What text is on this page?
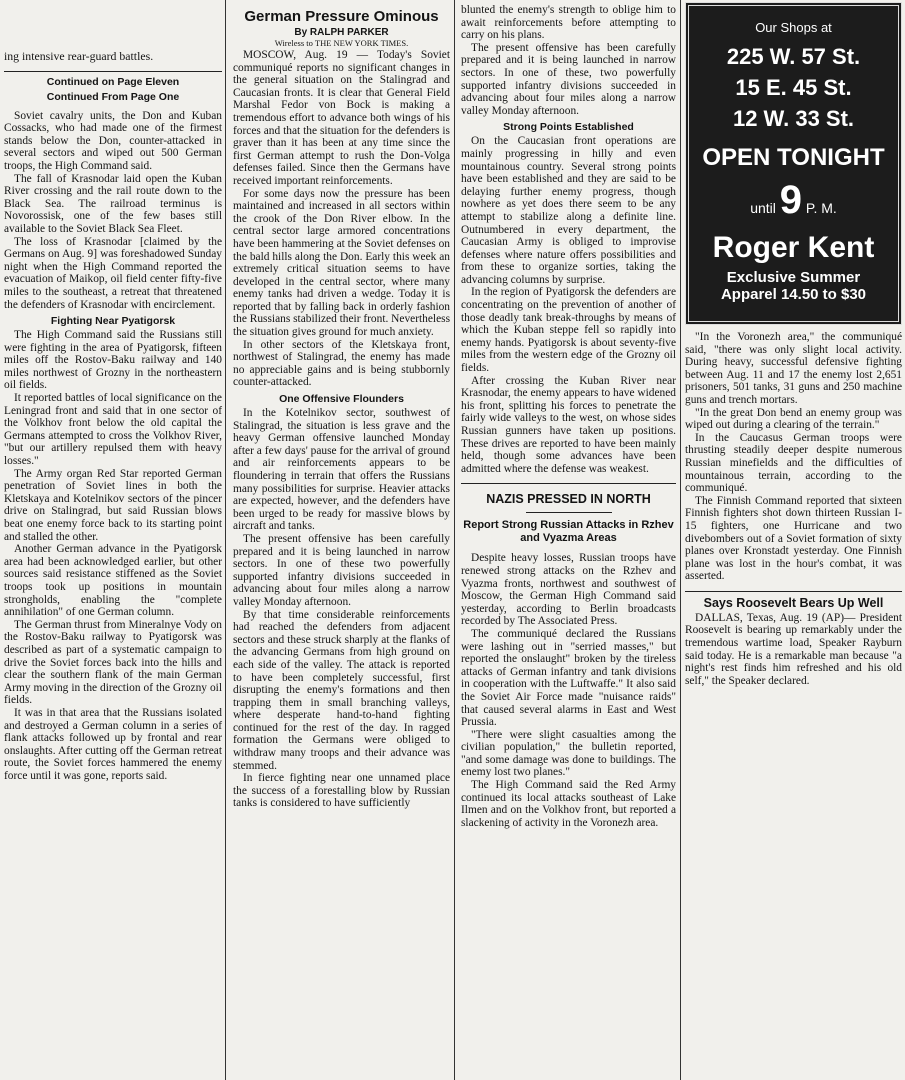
ing intensive rear-guard battles.

Continued on Page Eleven
Continued From Page One

Soviet cavalry units, the Don and Kuban Cossacks, who had made one of the firmest stands below the Don, counter-attacked in several sectors and wiped out 500 German troops, the High Command said.

The fall of Krasnodar laid open the Kuban River crossing and the rail route down to the Black Sea. The railroad terminus is Novorossisk, one of the few bases still available to the Soviet Black Sea Fleet.

The loss of Krasnodar [claimed by the Germans on Aug. 9] was foreshadowed Sunday night when the High Command reported the evacuation of Maikop, oil field center fifty-five miles to the southeast, a retreat that threatened the defenders of Krasnodar with encirclement.

Fighting Near Pyatigorsk

The High Command said the Russians still were fighting in the area of Pyatigorsk, fifteen miles off the Rostov-Baku railway and 140 miles northwest of Grozny in the northeastern oil fields.

It reported battles of local significance on the Leningrad front and said that in one sector of the Volkhov front below the old capital the Germans attempted to cross the Volkhov River, "but our artillery repulsed them with heavy losses."

The Army organ Red Star reported German penetration of Soviet lines in both the Kletskaya and Kotelnikov sectors of the pincer drive on Stalingrad, but said Russian blows beat one enemy force back to its starting point and stalled the other.

Another German advance in the Pyatigorsk area had been acknowledged earlier, but other sources said resistance stiffened as the Soviet troops took up positions in mountain strongholds, enabling the "complete annihilation" of one German column.

The German thrust from Mineralnye Vody on the Rostov-Baku railway to Pyatigorsk was described as part of a systematic campaign to drive the Soviet forces back into the hills and clear the southern flank of the main German Army moving in the direction of the Grozny oil fields.

It was in that area that the Russians isolated and destroyed a German column in a series of flank attacks followed up by frontal and rear onslaughts. After cutting off the German retreat route, the Soviet forces hammered the enemy force until it was gone, reports said.

German Pressure Ominous
By RALPH PARKER
Wireless to THE NEW YORK TIMES.

MOSCOW, Aug. 19 — Today's Soviet communiqué reports no significant changes in the general situation on the Stalingrad and Caucasian fronts. It is clear that General Field Marshal Fedor von Bock is making a tremendous effort to advance both wings of his forces and that the situation for the defenders is graver than it has been at any time since the first German attempt to rush the Don-Volga defenses failed. Since then the Germans have received important reinforcements.

For some days now the pressure has been maintained and increased in all sectors within the crook of the Don River elbow. In the central sector large armored concentrations have been hammering at the Soviet defenses on the bald hills along the Don. Early this week an extremely critical situation seems to have developed in the central sector, where many enemy tanks had driven a wedge. Today it is reported that by falling back in orderly fashion the Russians stabilized their front. Nevertheless the situation gives ground for much anxiety.

In other sectors of the Kletskaya front, northwest of Stalingrad, the enemy has made no appreciable gains and is being stubbornly counter-attacked.

One Offensive Flounders

In the Kotelnikov sector, southwest of Stalingrad, the situation is less grave and the heavy German offensive launched Monday after a few days' pause for the arrival of ground and air reinforcements appears to be floundering in terrain that offers the Russians many possibilities for surprise. Heavier attacks are expected, however, and the defenders have been urged to be ready for massive blows by aircraft and tanks.

The present offensive has been carefully prepared and it is being launched in narrow sectors. In one of these two powerfully supported infantry divisions succeeded in advancing about four miles along a narrow valley Monday afternoon.

By that time considerable reinforcements had reached the defenders from adjacent sectors and these struck sharply at the flanks of the advancing Germans from high ground on each side of the valley. The attack is reported to have been completely successful, first disrupting the enemy's formations and then trapping them in small branching valleys, where desperate hand-to-hand fighting continued for the rest of the day. In ragged formation the Germans were obliged to withdraw many troops and their advance was stemmed.

In fierce fighting near one unnamed place the success of a forestalling blow by Russian tanks is considered to have sufficiently

blunted the enemy's strength to oblige him to await reinforcements before attempting to carry on his plans.

The present offensive has been carefully prepared and it is being launched in narrow sectors. In one of these, two powerfully supported infantry divisions succeeded in advancing about four miles along a narrow valley Monday afternoon.

Strong Points Established

On the Caucasian front operations are mainly progressing in hilly and even mountainous country. Several strong points have been established and they are said to be delaying further enemy progress, though nowhere as yet does there seem to be any attempt to stabilize along a definite line. Outnumbered in every department, the Caucasian Army is obliged to improvise defenses where nature offers possibilities and from these to organize sorties, taking the advancing columns by surprise.

In the region of Pyatigorsk the defenders are concentrating on the prevention of another of those deadly tank break-throughs by means of which the Kuban steppe fell so rapidly into enemy hands. Pyatigorsk is about seventy-five miles from the western edge of the Grozny oil fields.

After crossing the Kuban River near Krasnodar, the enemy appears to have widened his front, splitting his forces to penetrate the fairly wide valleys to the west, on whose sides Russian gunners have taken up positions. These drives are reported to have been mainly held, though some advances have been admitted where the defense was weakest.

NAZIS PRESSED IN NORTH
Report Strong Russian Attacks in Rzhev and Vyazma Areas

Despite heavy losses, Russian troops have renewed strong attacks on the Rzhev and Vyazma fronts, northwest and southwest of Moscow, the German High Command said yesterday, according to Berlin broadcasts recorded by The Associated Press.

The communiqué declared the Russians were lashing out in "serried masses," but reported the onslaught" broken by the tireless attacks of German infantry and tank divisions in cooperation with the Luftwaffe." It also said the Soviet Air Force made "nuisance raids" that caused several alarms in East and West Prussia.

"There were slight casualties among the civilian population," the bulletin reported, "and some damage was done to buildings. The enemy lost two planes."

The High Command said the Red Army continued its local attacks southeast of Lake Ilmen and on the Volkhov front, but reported a slackening of activity in the Voronezh area.

Our Shops at
225 W. 57 St.
15 E. 45 St.
12 W. 33 St.
OPEN TONIGHT
until 9 P. M.
Roger Kent
Exclusive Summer
Apparel 14.50 to $30

"In the Voronezh area," the communiqué said, "there was only slight local activity. During heavy, successful defensive fighting between Aug. 11 and 17 the enemy lost 2,651 prisoners, 501 tanks, 31 guns and 250 machine guns and trench mortars.

"In the great Don bend an enemy group was wiped out during a clearing of the terrain."

In the Caucasus German troops were thrusting steadily deeper despite numerous Russian minefields and the difficulties of mountainous terrain, according to the communiqué.

The Finnish Command reported that sixteen Finnish fighters shot down thirteen Russian I-15 fighters, one Hurricane and two divebombers out of a Soviet formation of sixty planes over Kronstadt yesterday. One Finnish plane was lost in the hour's combat, it was asserted.

Says Roosevelt Bears Up Well

DALLAS, Texas, Aug. 19 (AP)— President Roosevelt is bearing up remarkably under the tremendous wartime load, Speaker Rayburn said today. He is a remarkable man because "a night's rest finds him refreshed and his old self," the Speaker declared.
